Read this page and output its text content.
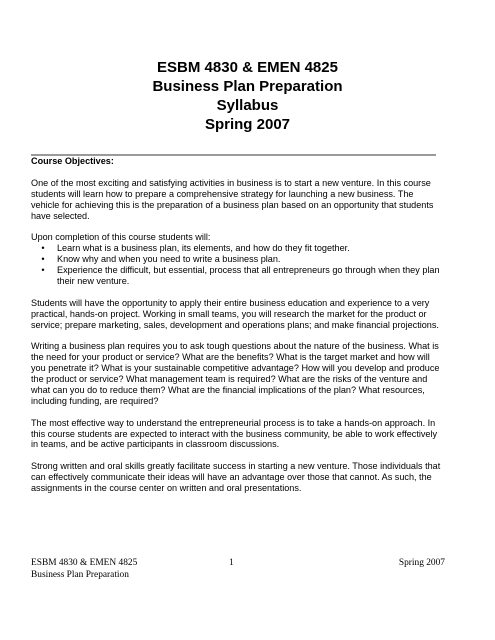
ESBM 4830 & EMEN 4825
Business Plan Preparation
Syllabus
Spring 2007

Course Objectives:

One of the most exciting and satisfying activities in business is to start a new venture. In this course students will learn how to prepare a comprehensive strategy for launching a new business. The vehicle for achieving this is the preparation of a business plan based on an opportunity that students have selected.

Upon completion of this course students will:

•	Learn what is a business plan, its elements, and how do they fit together.
•	Know why and when you need to write a business plan.
•	Experience the difficult, but essential, process that all entrepreneurs go through when they plan their new venture.

Students will have the opportunity to apply their entire business education and experience to a very practical, hands-on project. Working in small teams, you will research the market for the product or service; prepare marketing, sales, development and operations plans; and make financial projections.

Writing a business plan requires you to ask tough questions about the nature of the business. What is the need for your product or service? What are the benefits? What is the target market and how will you penetrate it? What is your sustainable competitive advantage? How will you develop and produce the product or service? What management team is required? What are the risks of the venture and what can you do to reduce them? What are the financial implications of the plan? What resources, including funding, are required?

The most effective way to understand the entrepreneurial process is to take a hands-on approach. In this course students are expected to interact with the business community, be able to work effectively in teams, and be active participants in classroom discussions.

Strong written and oral skills greatly facilitate success in starting a new venture. Those individuals that can effectively communicate their ideas will have an advantage over those that cannot. As such, the assignments in the course center on written and oral presentations.

ESBM 4830 & EMEN 4825	Spring 2007
1
Business Plan Preparation
